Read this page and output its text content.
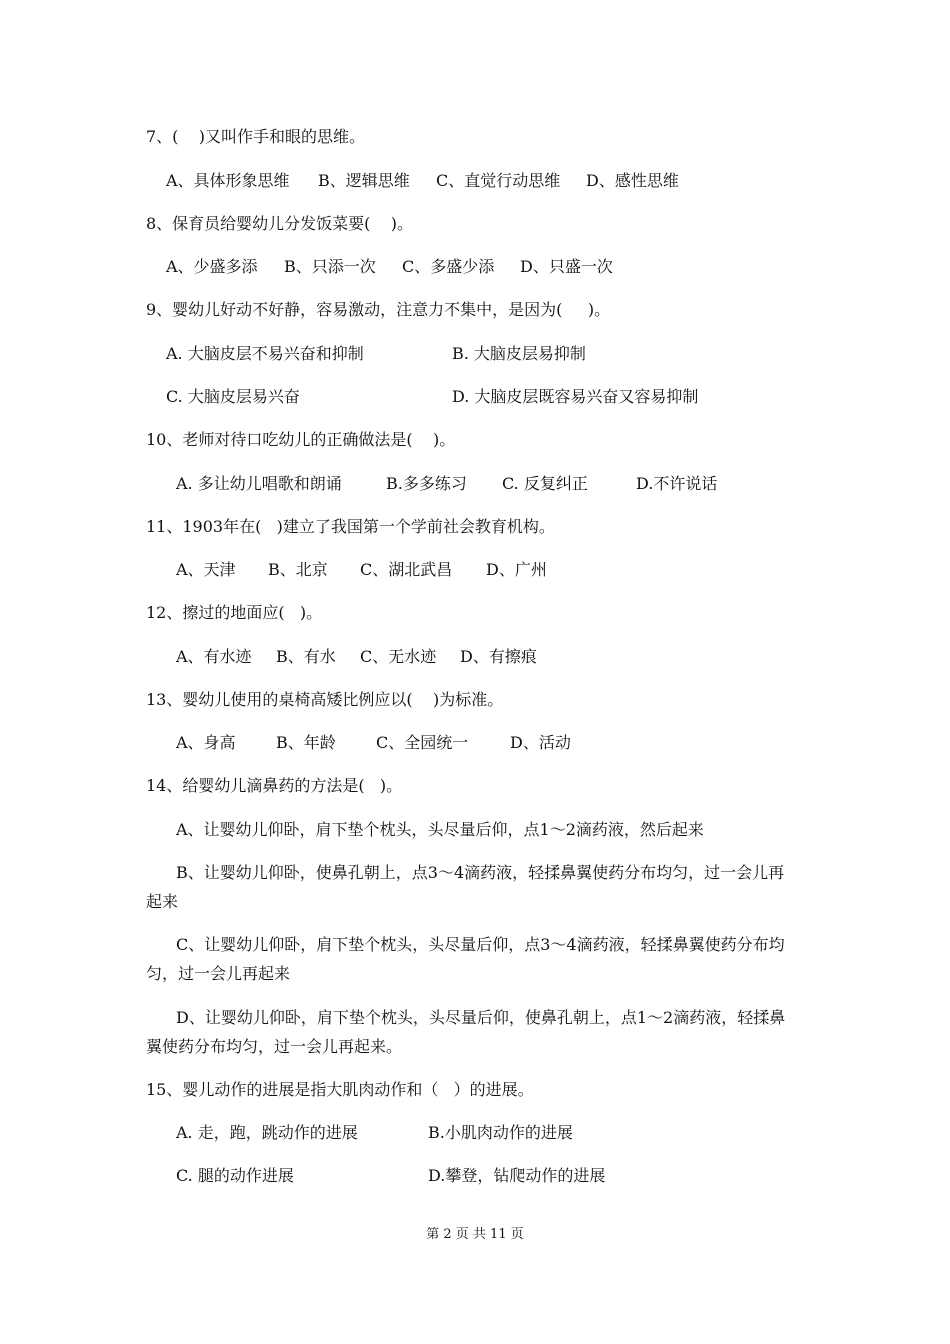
7、(    )又叫作手和眼的思维。
A、具体形象思维 B、逻辑思维 C、直觉行动思维 D、感性思维
8、保育员给婴幼儿分发饭菜要(    )。
A、少盛多添 B、只添一次 C、多盛少添 D、只盛一次
9、婴幼儿好动不好静，容易激动，注意力不集中，是因为(     )。
A. 大脑皮层不易兴奋和抑制	B. 大脑皮层易抑制
C. 大脑皮层易兴奋	D. 大脑皮层既容易兴奋又容易抑制
10、老师对待口吃幼儿的正确做法是(    )。
A. 多让幼儿唱歌和朗诵	B.多多练习 C. 反复纠正	D.不许说话
11、1903年在(   )建立了我国第一个学前社会教育机构。
A、天津 B、北京 C、湖北武昌 D、广州
12、擦过的地面应(   )。
A、有水迹 B、有水 C、无水迹 D、有擦痕
13、婴幼儿使用的桌椅高矮比例应以(    )为标准。
A、身高	B、年龄	C、全园统一	D、活动
14、给婴幼儿滴鼻药的方法是(   )。
A、让婴幼儿仰卧，肩下垫个枕头，头尽量后仰，点1～2滴药液，然后起来
B、让婴幼儿仰卧，使鼻孔朝上，点3～4滴药液，轻揉鼻翼使药分布均匀，过一会儿再
起来
C、让婴幼儿仰卧，肩下垫个枕头，头尽量后仰，点3～4滴药液，轻揉鼻翼使药分布均
匀，过一会儿再起来
D、让婴幼儿仰卧，肩下垫个枕头，头尽量后仰，使鼻孔朝上，点1～2滴药液，轻揉鼻
翼使药分布均匀，过一会儿再起来。
15、婴儿动作的进展是指大肌肉动作和（   ）的进展。
A. 走，跑，跳动作的进展	B.小肌肉动作的进展
C. 腿的动作进展	D.攀登，钻爬动作的进展
第 2 页 共 11 页
